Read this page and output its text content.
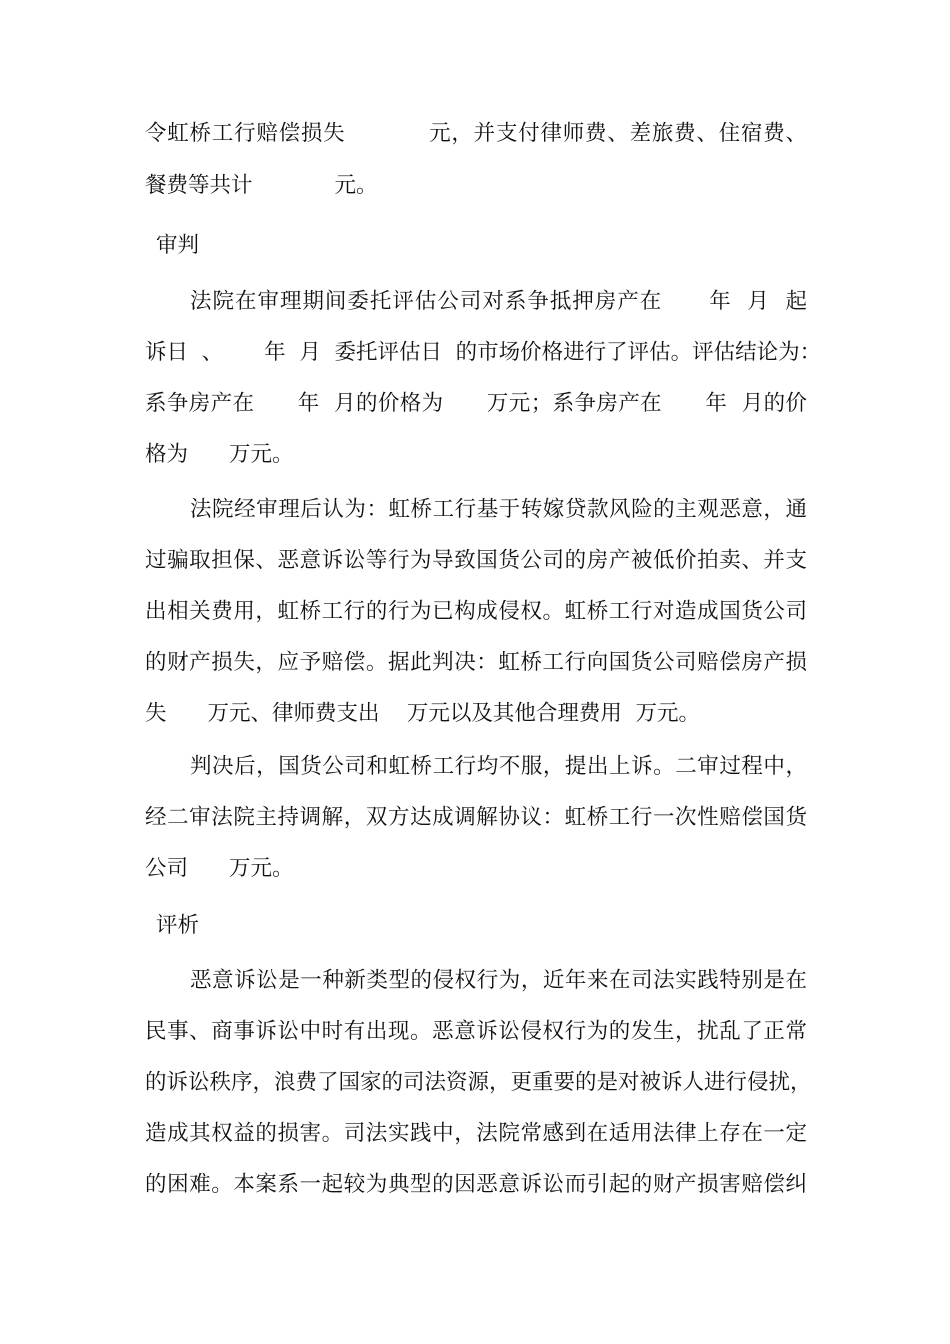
令虹桥工行赔偿损失           元，并支付律师费、差旅费、住宿费、
餐费等共计            元。
审判
法院在审理期间委托评估公司对系争抵押房产在      年  月  起
诉日  、      年  月  委托评估日  的市场价格进行了评估。评估结论为：
系争房产在      年  月的价格为      万元；系争房产在      年  月的价
格为      万元。
法院经审理后认为：虹桥工行基于转嫁贷款风险的主观恶意，通
过骗取担保、恶意诉讼等行为导致国货公司的房产被低价拍卖、并支
出相关费用，虹桥工行的行为已构成侵权。虹桥工行对造成国货公司
的财产损失，应予赔偿。据此判决：虹桥工行向国货公司赔偿房产损
失      万元、律师费支出    万元以及其他合理费用  万元。
判决后，国货公司和虹桥工行均不服，提出上诉。二审过程中，
经二审法院主持调解，双方达成调解协议：虹桥工行一次性赔偿国货
公司      万元。
评析
恶意诉讼是一种新类型的侵权行为，近年来在司法实践特别是在
民事、商事诉讼中时有出现。恶意诉讼侵权行为的发生，扰乱了正常
的诉讼秩序，浪费了国家的司法资源，更重要的是对被诉人进行侵扰，
造成其权益的损害。司法实践中，法院常感到在适用法律上存在一定
的困难。本案系一起较为典型的因恶意诉讼而引起的财产损害赔偿纠
